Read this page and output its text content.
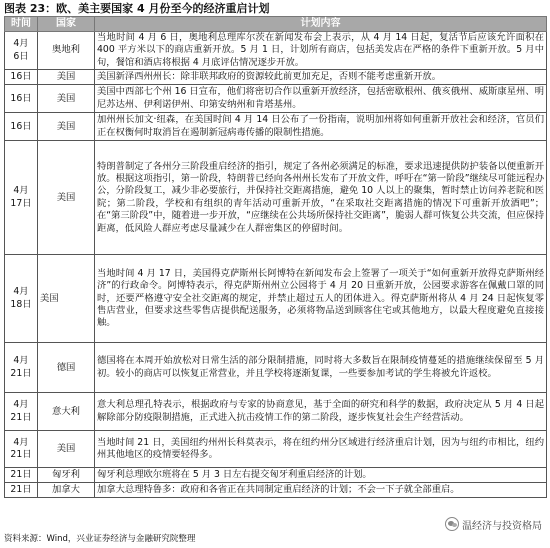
图表 23：欧、美主要国家 4 月份至今的经济重启计划
时间	国家	计划内容
4月
6日	奥地利	当地时间 4 月 6 日，奥地利总理库尔茨在新闻发布会上表示，从 4 月 14 日起，复活节后应该允许面积在 400 平方米以下的商店重新开放。5 月 1 日，计划所有商店，包括美发店在严格的条件下重新开放。5 月中旬，餐馆和酒店将根据 4 月底评估情况逐步开放。
16日	美国	美国新泽西州州长：除非联邦政府的资源较此前更加充足，否则不能考虑重新开放。
16日	美国	美国中西部七个州 16 日宣布，他们将密切合作以重新开放经济，包括密歇根州、俄亥俄州、威斯康星州、明尼苏达州、伊利诺伊州、印第安纳州和肯塔基州。
16日	美国	加州州长加文·纽森，在美国时间 4 月 14 日公布了一份指南，说明加州将如何重新开放社会和经济，官员们正在权衡何时取消旨在遏制新冠病毒传播的限制性措施。
4月
17日	美国	特朗普制定了各州分三阶段重启经济的指引，规定了各州必须满足的标准，要求迅速提供防护装备以便重新开放。根据这项指引，第一阶段，特朗普已经向各州州长发布了开放文件，呼吁在“第一阶段”继续尽可能远程办公，分阶段复工，减少非必要旅行，并保持社交距离措施，避免 10 人以上的聚集，暂时禁止访问养老院和医院；第二阶段，学校和有组织的青年活动可重新开放，“在采取社交距离措施的情况下可重新开放酒吧”；在“第三阶段”中，随着进一步开放，“应继续在公共场所保持社交距离”，脆弱人群可恢复公共交流，但应保持距离，低风险人群应考虑尽量减少在人群密集区的停留时间。
4月
18日	美国	当地时间 4 月 17 日，美国得克萨斯州长阿博特在新闻发布会上签署了一项关于“如何重新开放得克萨斯州经济”的行政命令。阿博特表示，得克萨斯州州立公园将于 4 月 20 日重新开放，公园要求游客在佩戴口罩的同时，还要严格遵守安全社交距离的规定，并禁止超过五人的团体进入。得克萨斯州将从 4 月 24 日起恢复零售店营业，但要求这些零售店提供配送服务，必须将物品送到顾客住宅或其他地方，以最大程度避免直接接触。
4月
21日	德国	德国将在本周开始放松对日常生活的部分限制措施，同时将大多数旨在限制疫情蔓延的措施继续保留至 5 月初。较小的商店可以恢复正常营业，并且学校将逐渐复课，一些要参加考试的学生将被允许返校。
4月
21日	意大利	意大利总理孔特表示，根据政府与专家的协商意见，基于全面的研究和科学的数据，政府决定从 5 月 4 日起解除部分防疫限制措施，正式进入抗击疫情工作的第二阶段，逐步恢复社会生产经营活动。
4月
21日	美国	当地时间 21 日，美国纽约州州长科莫表示，将在纽约州分区域进行经济重启计划，因为与纽约市相比，纽约州其他地区的疫情要轻得多。
21日	匈牙利	匈牙利总理欧尔班将在 5 月 3 日左右提交匈牙利重启经济的计划。
21日	加拿大	加拿大总理特鲁多：政府和各省正在共同制定重启经济的计划；不会一下子就全部重启。
温经济与投资格局
资料来源：Wind，兴业证券经济与金融研究院整理
